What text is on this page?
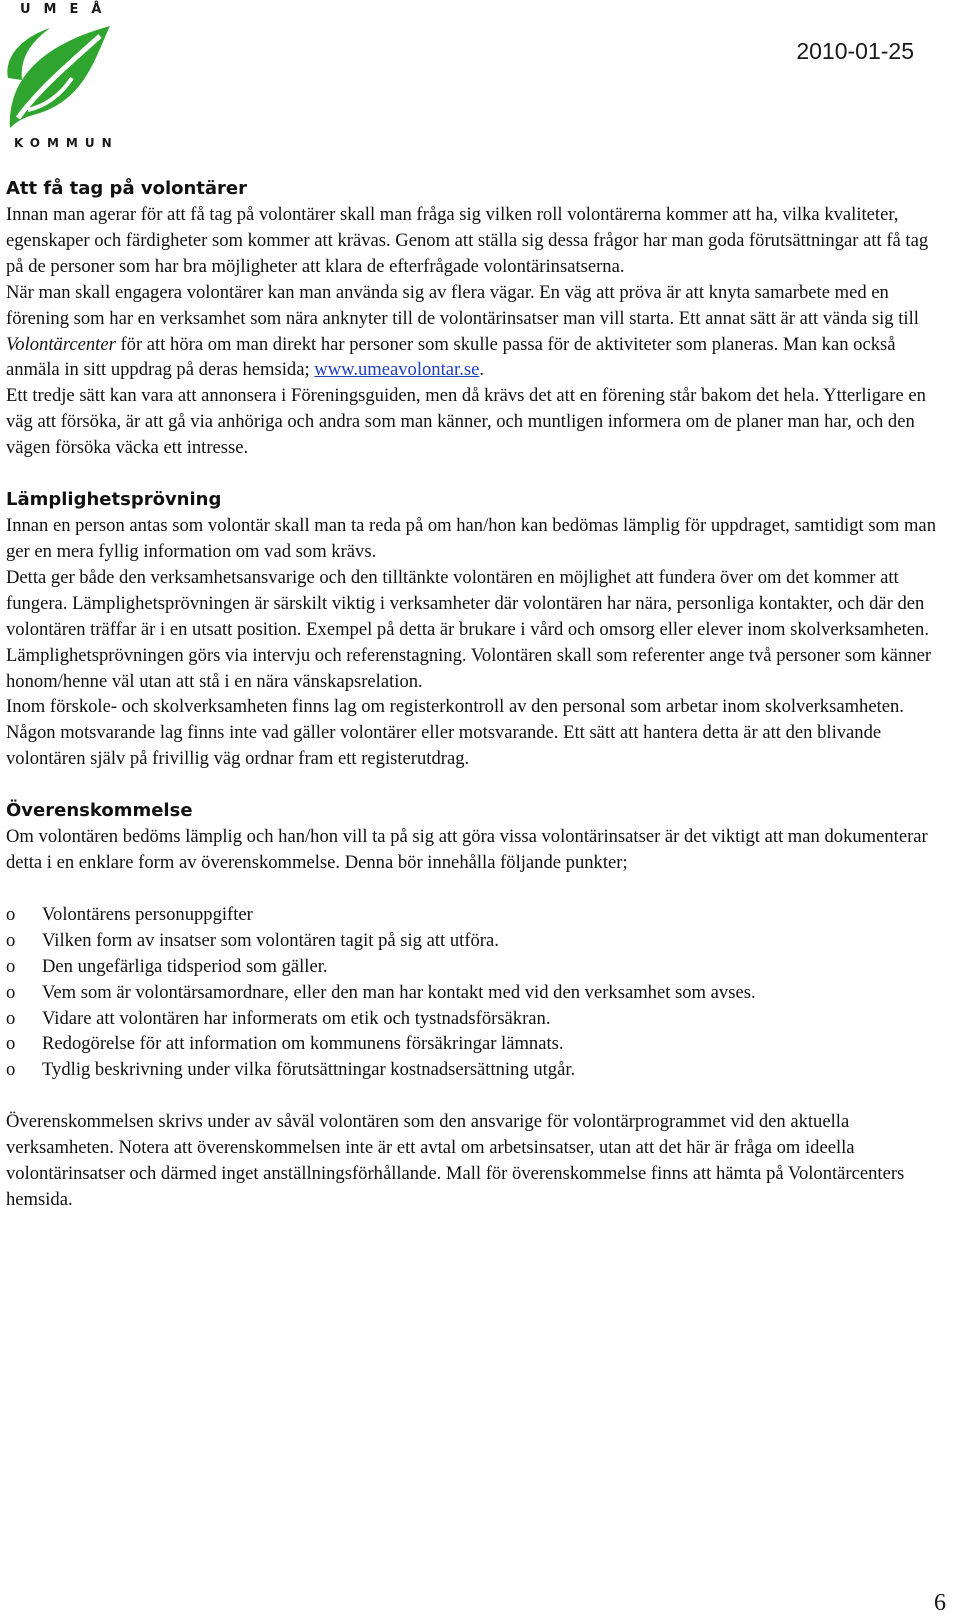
UMEÅ
KOMMUN
2010-01-25
Att få tag på volontärer

Innan man agerar för att få tag på volontärer skall man fråga sig vilken roll volontärerna kommer att ha, vilka kvaliteter, egenskaper och färdigheter som kommer att krävas. Genom att ställa sig dessa frågor har man goda förutsättningar att få tag på de personer som har bra möjligheter att klara de efterfrågade volontärinsatserna.

När man skall engagera volontärer kan man använda sig av flera vägar. En väg att pröva är att knyta samarbete med en förening som har en verksamhet som nära anknyter till de volontärinsatser man vill starta. Ett annat sätt är att vända sig till Volontärcenter för att höra om man direkt har personer som skulle passa för de aktiviteter som planeras. Man kan också anmäla in sitt uppdrag på deras hemsida; www.umeavolontar.se.

Ett tredje sätt kan vara att annonsera i Föreningsguiden, men då krävs det att en förening står bakom det hela. Ytterligare en väg att försöka, är att gå via anhöriga och andra som man känner, och muntligen informera om de planer man har, och den vägen försöka väcka ett intresse.

Lämplighetsprövning

Innan en person antas som volontär skall man ta reda på om han/hon kan bedömas lämplig för uppdraget, samtidigt som man ger en mera fyllig information om vad som krävs.

Detta ger både den verksamhetsansvarige och den tilltänkte volontären en möjlighet att fundera över om det kommer att fungera. Lämplighetsprövningen är särskilt viktig i verksamheter där volontären har nära, personliga kontakter, och där den volontären träffar är i en utsatt position. Exempel på detta är brukare i vård och omsorg eller elever inom skolverksamheten.

Lämplighetsprövningen görs via intervju och referenstagning. Volontären skall som referenter ange två personer som känner honom/henne väl utan att stå i en nära vänskapsrelation.

Inom förskole- och skolverksamheten finns lag om registerkontroll av den personal som arbetar inom skolverksamheten. Någon motsvarande lag finns inte vad gäller volontärer eller motsvarande. Ett sätt att hantera detta är att den blivande volontären själv på frivillig väg ordnar fram ett registerutdrag.

Överenskommelse

Om volontären bedöms lämplig och han/hon vill ta på sig att göra vissa volontärinsatser är det viktigt att man dokumenterar detta i en enklare form av överenskommelse. Denna bör innehålla följande punkter;

o Volontärens personuppgifter
o Vilken form av insatser som volontären tagit på sig att utföra.
o Den ungefärliga tidsperiod som gäller.
o Vem som är volontärsamordnare, eller den man har kontakt med vid den verksamhet som avses.
o Vidare att volontären har informerats om etik och tystnadsförsäkran.
o Redogörelse för att information om kommunens försäkringar lämnats.
o Tydlig beskrivning under vilka förutsättningar kostnadsersättning utgår.

Överenskommelsen skrivs under av såväl volontären som den ansvarige för volontärprogrammet vid den aktuella verksamheten. Notera att överenskommelsen inte är ett avtal om arbetsinsatser, utan att det här är fråga om ideella volontärinsatser och därmed inget anställningsförhållande. Mall för överenskommelse finns att hämta på Volontärcenters hemsida.

6
